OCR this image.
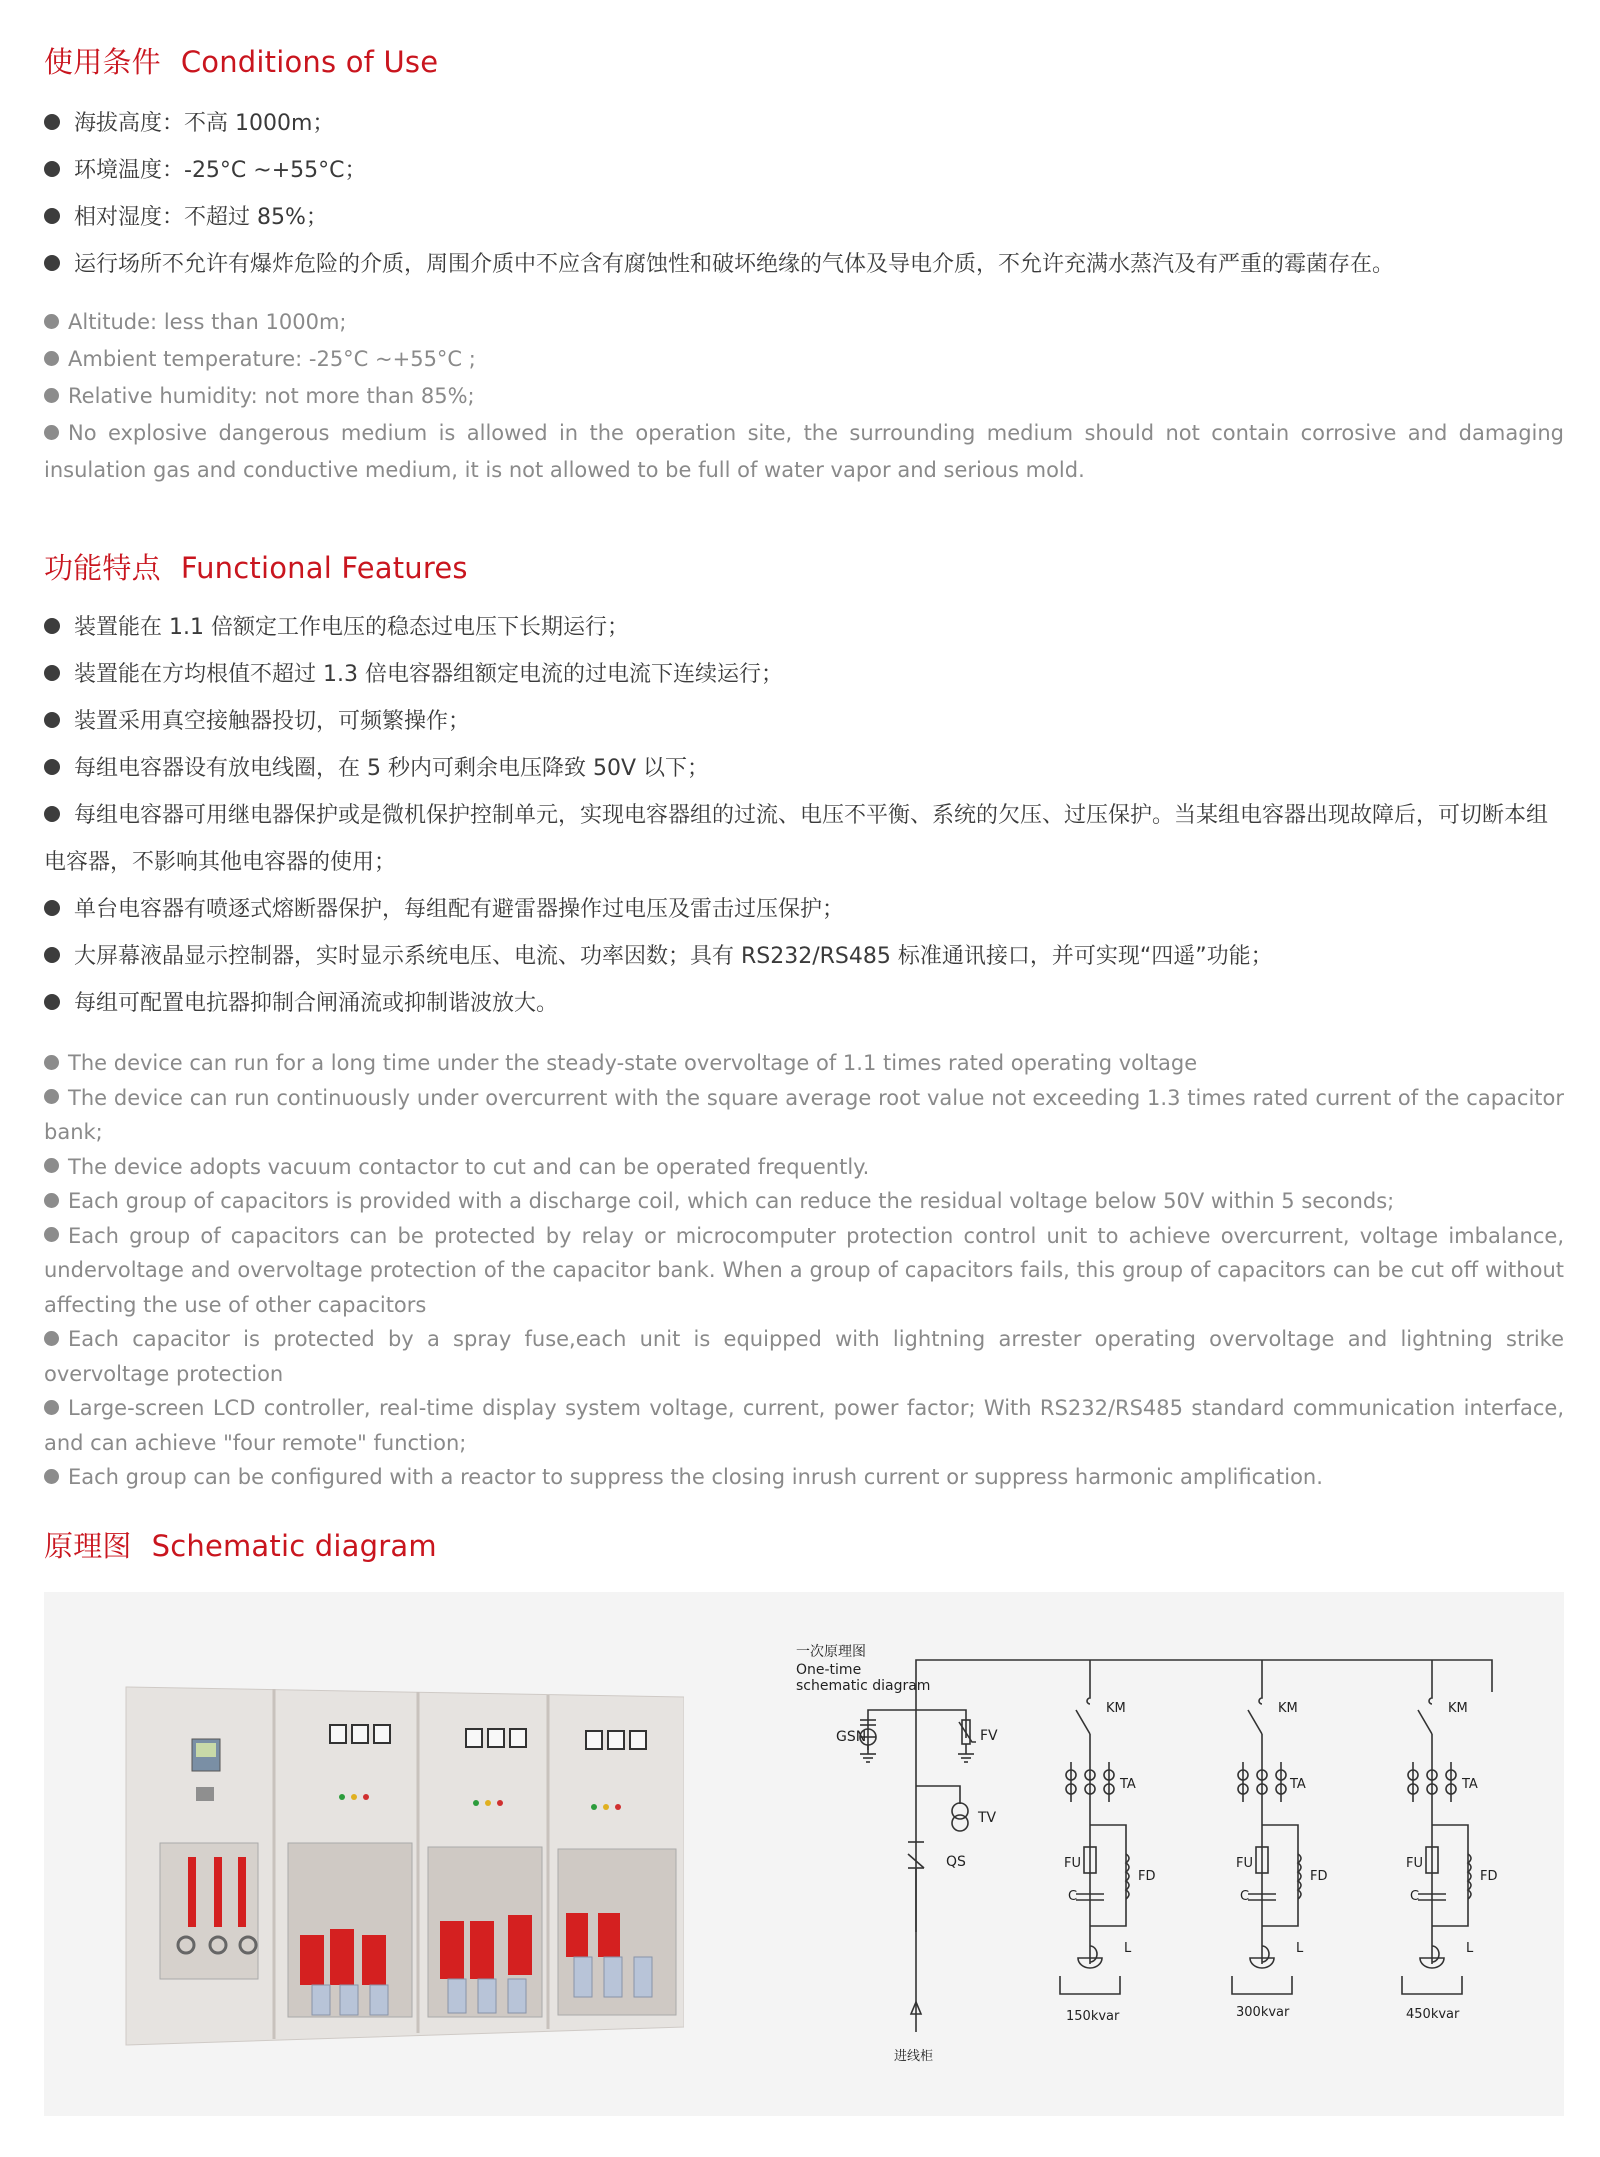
使用条件 Conditions of Use
海拔高度：不高 1000m；
环境温度：-25°C ~+55°C；
相对湿度：不超过 85%；
运行场所不允许有爆炸危险的介质，周围介质中不应含有腐蚀性和破坏绝缘的气体及导电介质，不允许充满水蒸汽及有严重的霉菌存在。
Altitude: less than 1000m;
Ambient temperature: -25°C ~+55°C ;
Relative humidity: not more than 85%;
No explosive dangerous medium is allowed in the operation site, the surrounding medium should not contain corrosive and damaging insulation gas and conductive medium, it is not allowed to be full of water vapor and serious mold.
功能特点 Functional Features
装置能在 1.1 倍额定工作电压的稳态过电压下长期运行；
装置能在方均根值不超过 1.3 倍电容器组额定电流的过电流下连续运行；
装置采用真空接触器投切，可频繁操作；
每组电容器设有放电线圈，在 5 秒内可剩余电压降致 50V 以下；
每组电容器可用继电器保护或是微机保护控制单元，实现电容器组的过流、电压不平衡、系统的欠压、过压保护。当某组电容器出现故障后，可切断本组电容器，不影响其他电容器的使用；
单台电容器有喷逐式熔断器保护，每组配有避雷器操作过电压及雷击过压保护；
大屏幕液晶显示控制器，实时显示系统电压、电流、功率因数；具有 RS232/RS485 标准通讯接口，并可实现“四遥”功能；
每组可配置电抗器抑制合闸涌流或抑制谐波放大。
The device can run for a long time under the steady-state overvoltage of 1.1 times rated operating voltage
The device can run continuously under overcurrent with the square average root value not exceeding 1.3 times rated current of the capacitor bank;
The device adopts vacuum contactor to cut and can be operated frequently.
Each group of capacitors is provided with a discharge coil, which can reduce the residual voltage below 50V within 5 seconds;
Each group of capacitors can be protected by relay or microcomputer protection control unit to achieve overcurrent, voltage imbalance, undervoltage and overvoltage protection of the capacitor bank. When a group of capacitors fails, this group of capacitors can be cut off without affecting the use of other capacitors
Each capacitor is protected by a spray fuse,each unit is equipped with lightning arrester operating overvoltage and lightning strike overvoltage protection
Large-screen LCD controller, real-time display system voltage, current, power factor; With RS232/RS485 standard communication interface, and can achieve "four remote" function;
Each group can be configured with a reactor to suppress the closing inrush current or suppress harmonic amplification.
原理图 Schematic diagram
一次原理图
One-time
schematic diagram
GSN	FV
TV
QS
进线柜
KM
TA
FU
C
FD
L
150kvar
KM
TA
FU
C
FD
L
300kvar
KM
TA
FU
C
FD
L
450kvar
